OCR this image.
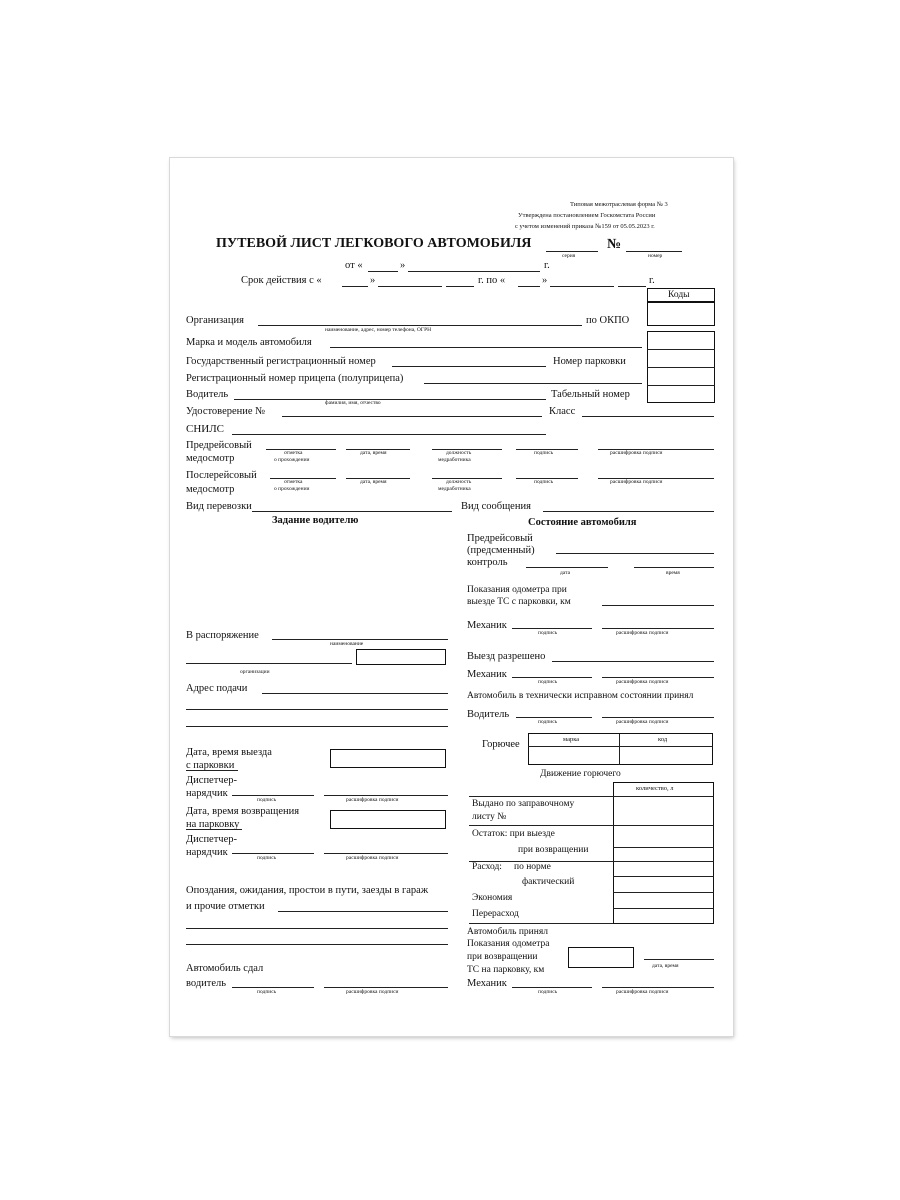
Типовая межотраслевая форма № 3
Утверждена постановлением Госкомстата России
с учетом изменений приказа №159 от 05.05.2023 г.
ПУТЕВОЙ ЛИСТ ЛЕГКОВОГО АВТОМОБИЛЯ	№
серия	номер
от «	»	г.
Срок действия с «	»	г. по «	»	г.
Коды
Организация
наименование, адрес, номер телефона, ОГРН
по ОКПО
Марка и модель автомобиля
Государственный регистрационный номер	Номер парковки
Регистрационный номер прицепа (полуприцепа)
Водитель
фамилия, имя, отчество
Табельный номер
Удостоверение №	Класс
СНИЛС
Предрейсовый
медосмотр	отметка
о прохождении
дата, время	должность
медработника
подпись	расшифровка подписи
Послерейсовый
медосмотр
отметка
о прохождении
дата, время	должность
медработника
подпись	расшифровка подписи
Вид перевозки	Вид сообщения
Задание водителю
В распоряжение
наименование
организации
Адрес подачи
Дата, время выезда
с парковки
Диспетчер-
нарядчик
подпись	расшифровка подписи
Дата, время возвращения
на парковку
Диспетчер-
нарядчик	подпись	расшифровка подписи
Опоздания, ожидания, простои в пути, заезды в гараж
и прочие отметки
Автомобиль сдал
водитель
подпись	расшифровка подписи
Состояние автомобиля
Предрейсовый
(предсменный)
контроль
дата	время
Показания одометра при
выезде ТС с парковки, км
Механик
подпись	расшифровка подписи
Выезд разрешено
Механик
подпись	расшифровка подписи
Автомобиль в технически исправном состоянии принял
Водитель
подпись	расшифровка подписи
Горючее	марка	код
Движение горючего
количество, л
Выдано по заправочному
листу №
Остаток: при выезде
при возвращении
Расход: по норме
фактический
Экономия
Перерасход
Автомобиль принял
Показания одометра
при возвращении
ТС на парковку, км	дата, время
Механик
подпись	расшифровка подписи
